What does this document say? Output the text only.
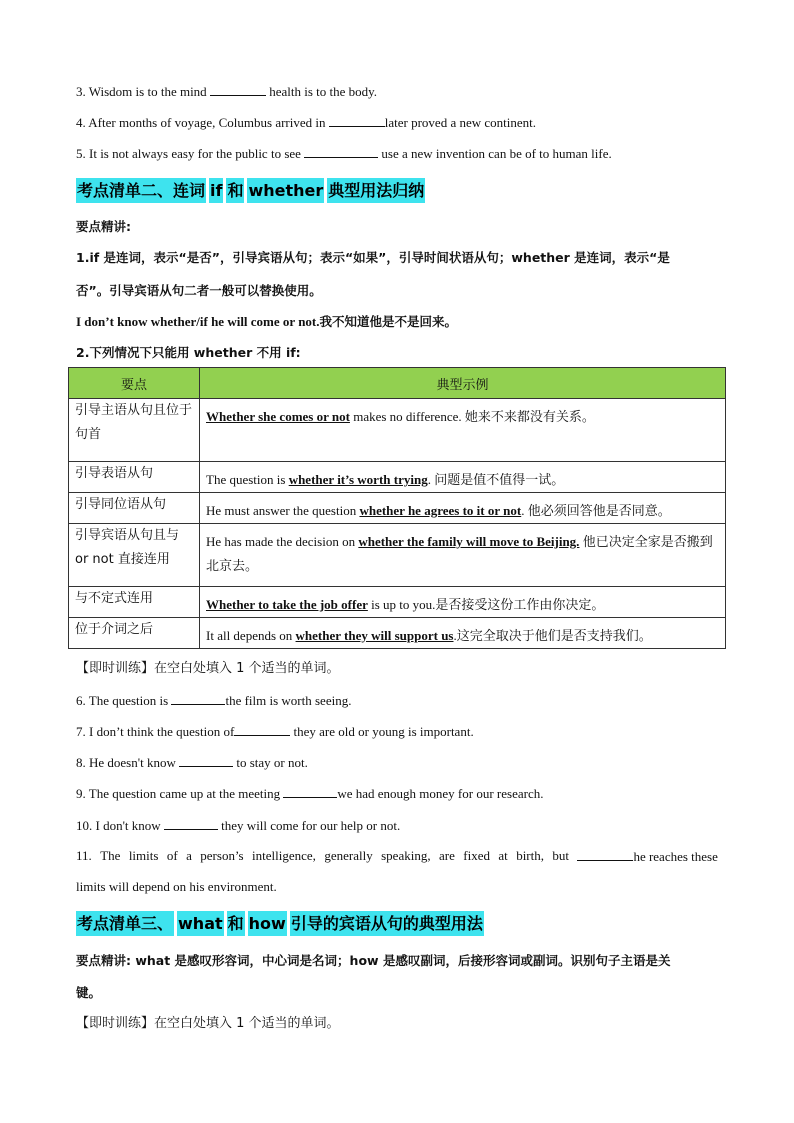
3. Wisdom is to the mind	health is to the body.
4. After months of voyage, Columbus arrived in	later proved a new continent.
5. It is not always easy for the public to see	use a new invention can be of to human life.
考点清单二、连词 if 和 whether 典型用法归纳
要点精讲:
1.if 是连词，表示“是否”，引导宾语从句；表示“如果”，引导时间状语从句；whether 是连词，表示“是
否”。引导宾语从句二者一般可以替换使用。
I don’t know whether/if he will come or not.我不知道他是不是回来。
2.下列情况下只能用 whether 不用 if:
要点	典型示例
引导主语从句且位于句首	Whether she comes or not makes no difference. 她来不来都没有关系。
引导表语从句	The question is whether it’s worth trying. 问题是值不值得一试。
引导同位语从句	He must answer the question whether he agrees to it or not. 他必须回答他是否同意。
引导宾语从句且与 or not 直接连用	He has made the decision on whether the family will move to Beijing. 他已决定全家是否搬到北京去。
与不定式连用	Whether to take the job offer is up to you.是否接受这份工作由你决定。
位于介词之后	It all depends on whether they will support us.这完全取决于他们是否支持我们。
【即时训练】在空白处填入 1 个适当的单词。
6. The question is	the film is worth seeing.
7. I don’t think the question of	they are old or young is important.
8. He doesn't know	to stay or not.
9. The question came up at the meeting	we had enough money for our research.
10. I don't know	they will come for our help or not.
11. The limits of a person’s intelligence, generally speaking, are fixed at birth, but	he reaches these
limits will depend on his environment.
考点清单三、 what 和 how 引导的宾语从句的典型用法
要点精讲: what 是感叹形容词，中心词是名词；how 是感叹副词，后接形容词或副词。识别句子主语是关
键。
【即时训练】在空白处填入 1 个适当的单词。
